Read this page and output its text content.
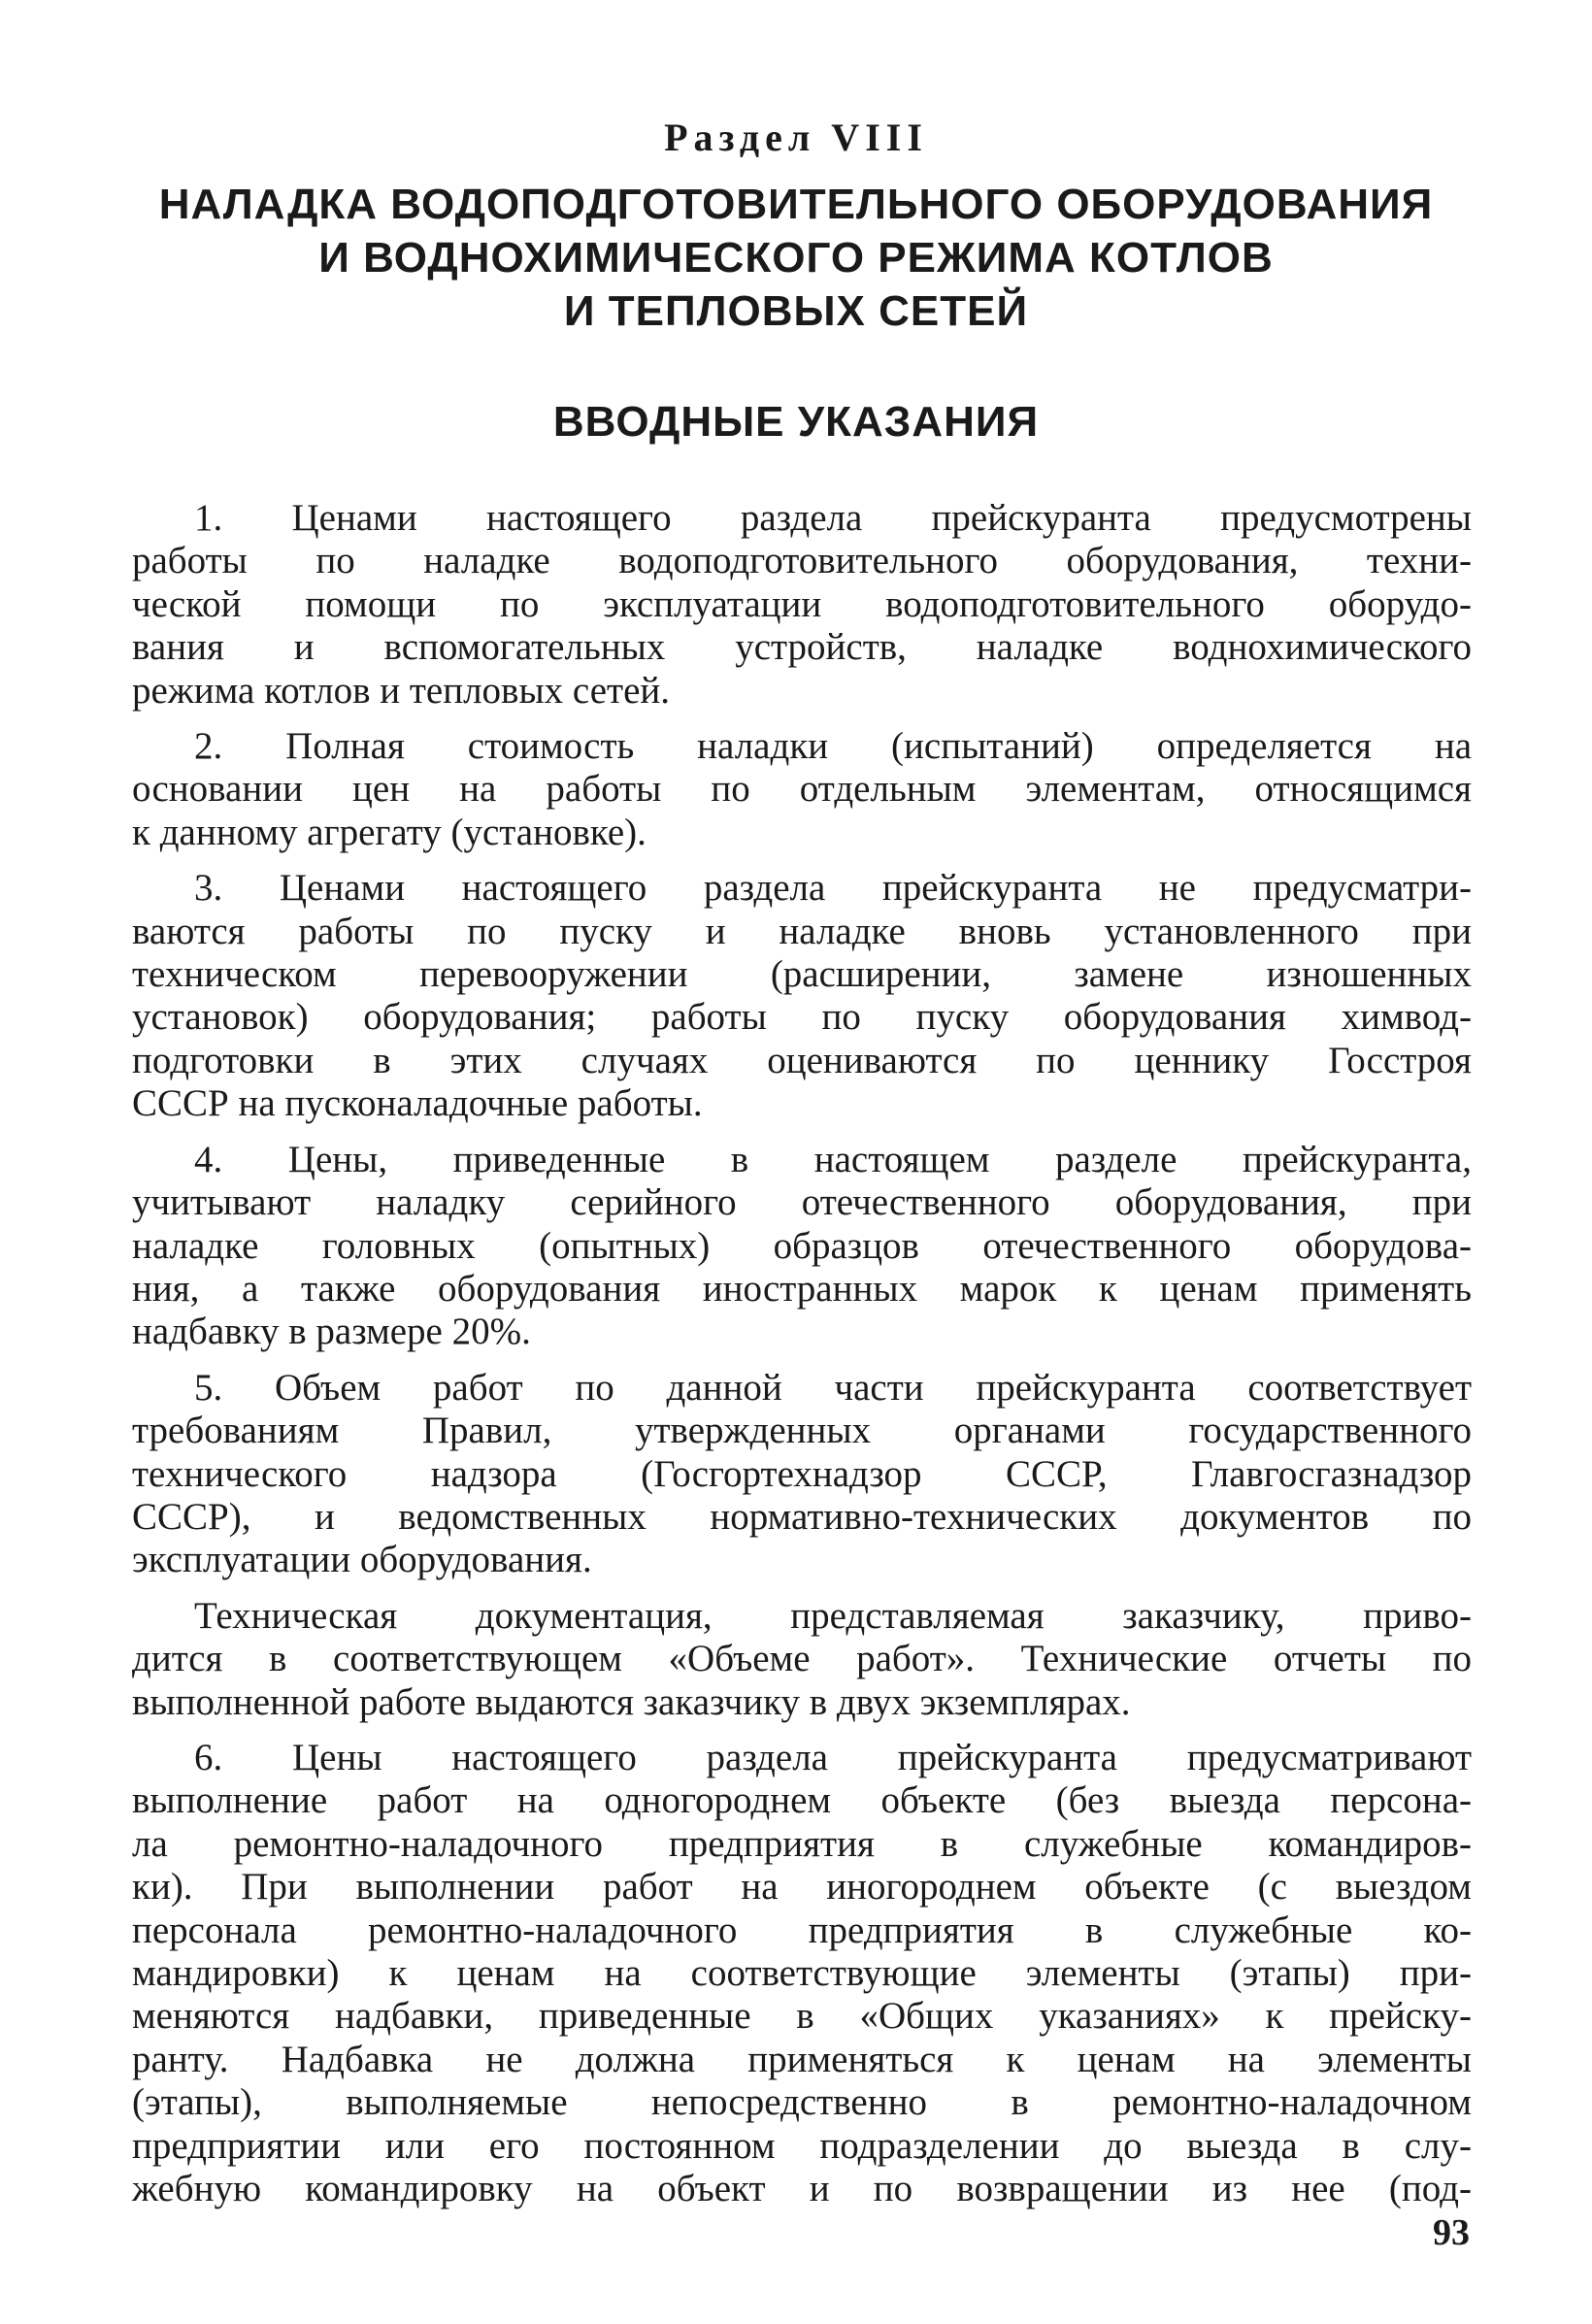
Раздел VIII
НАЛАДКА ВОДОПОДГОТОВИТЕЛЬНОГО ОБОРУДОВАНИЯ
И ВОДНОХИМИЧЕСКОГО РЕЖИМА КОТЛОВ
И ТЕПЛОВЫХ СЕТЕЙ
ВВОДНЫЕ УКАЗАНИЯ
1. Ценами настоящего раздела прейскуранта предусмотрены
работы по наладке водоподготовительного оборудования, техни-
ческой помощи по эксплуатации водоподготовительного оборудо-
вания и вспомогательных устройств, наладке воднохимического
режима котлов и тепловых сетей.
2. Полная стоимость наладки (испытаний) определяется на
основании цен на работы по отдельным элементам, относящимся
к данному агрегату (установке).
3. Ценами настоящего раздела прейскуранта не предусматри-
ваются работы по пуску и наладке вновь установленного при
техническом перевооружении (расширении, замене изношенных
установок) оборудования; работы по пуску оборудования химвод-
подготовки в этих случаях оцениваются по ценнику Госстроя
СССР на пусконаладочные работы.
4. Цены, приведенные в настоящем разделе прейскуранта,
учитывают наладку серийного отечественного оборудования, при
наладке головных (опытных) образцов отечественного оборудова-
ния, а также оборудования иностранных марок к ценам применять
надбавку в размере 20%.
5. Объем работ по данной части прейскуранта соответствует
требованиям Правил, утвержденных органами государственного
технического надзора (Госгортехнадзор СССР, Главгосгазнадзор
СССР), и ведомственных нормативно-технических документов по
эксплуатации оборудования.
Техническая документация, представляемая заказчику, приво-
дится в соответствующем «Объеме работ». Технические отчеты по
выполненной работе выдаются заказчику в двух экземплярах.
6. Цены настоящего раздела прейскуранта предусматривают
выполнение работ на одногороднем объекте (без выезда персона-
ла ремонтно-наладочного предприятия в служебные командиров-
ки). При выполнении работ на иногороднем объекте (с выездом
персонала ремонтно-наладочного предприятия в служебные ко-
мандировки) к ценам на соответствующие элементы (этапы) при-
меняются надбавки, приведенные в «Общих указаниях» к прейску-
ранту. Надбавка не должна применяться к ценам на элементы
(этапы), выполняемые непосредственно в ремонтно-наладочном
предприятии или его постоянном подразделении до выезда в слу-
жебную командировку на объект и по возвращении из нее (под-
93
